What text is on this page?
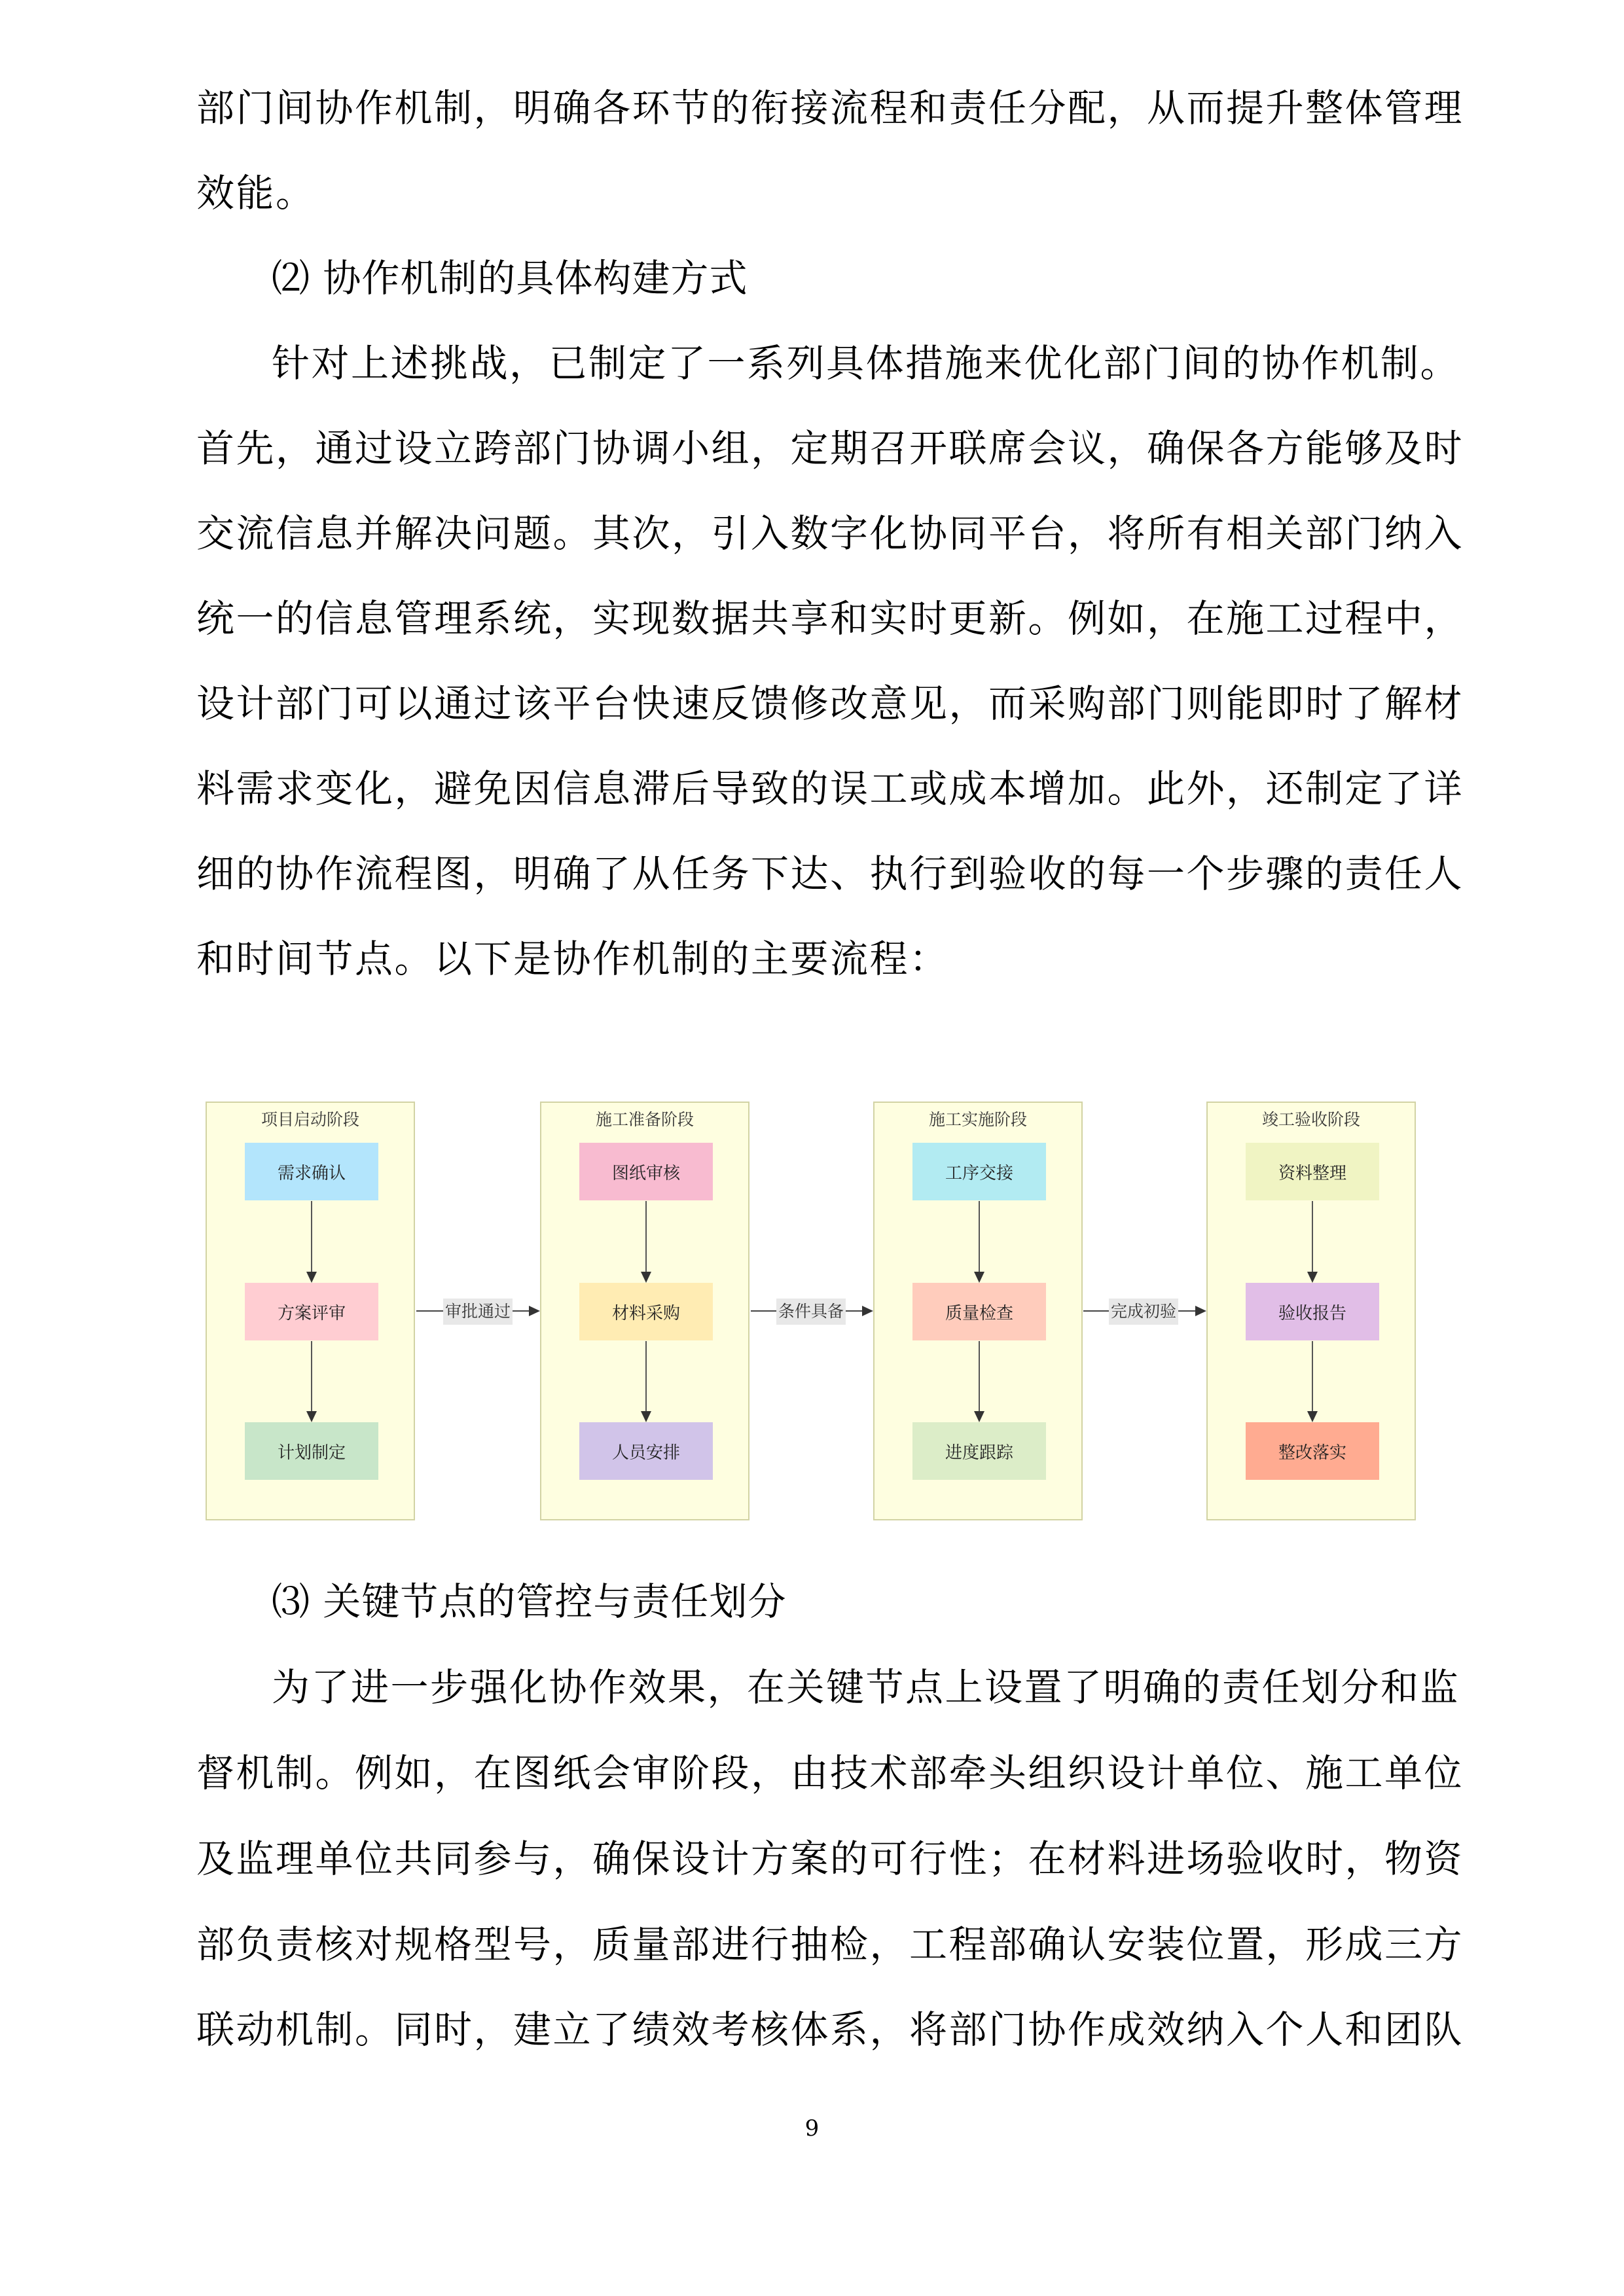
部门间协作机制，明确各环节的衔接流程和责任分配，从而提升整体管理
效能。
⑵ 协作机制的具体构建方式
针对上述挑战，已制定了一系列具体措施来优化部门间的协作机制。
首先，通过设立跨部门协调小组，定期召开联席会议，确保各方能够及时
交流信息并解决问题。其次，引入数字化协同平台，将所有相关部门纳入
统一的信息管理系统，实现数据共享和实时更新。例如，在施工过程中，
设计部门可以通过该平台快速反馈修改意见，而采购部门则能即时了解材
料需求变化，避免因信息滞后导致的误工或成本增加。此外，还制定了详
细的协作流程图，明确了从任务下达、执行到验收的每一个步骤的责任人
和时间节点。以下是协作机制的主要流程：
项目启动阶段
需求确认
方案评审
计划制定
施工准备阶段
图纸审核
材料采购
人员安排
施工实施阶段
工序交接
质量检查
进度跟踪
竣工验收阶段
资料整理
验收报告
整改落实
审批通过	条件具备	完成初验
⑶ 关键节点的管控与责任划分
为了进一步强化协作效果，在关键节点上设置了明确的责任划分和监
督机制。例如，在图纸会审阶段，由技术部牵头组织设计单位、施工单位
及监理单位共同参与，确保设计方案的可行性；在材料进场验收时，物资
部负责核对规格型号，质量部进行抽检，工程部确认安装位置，形成三方
联动机制。同时，建立了绩效考核体系，将部门协作成效纳入个人和团队
9
